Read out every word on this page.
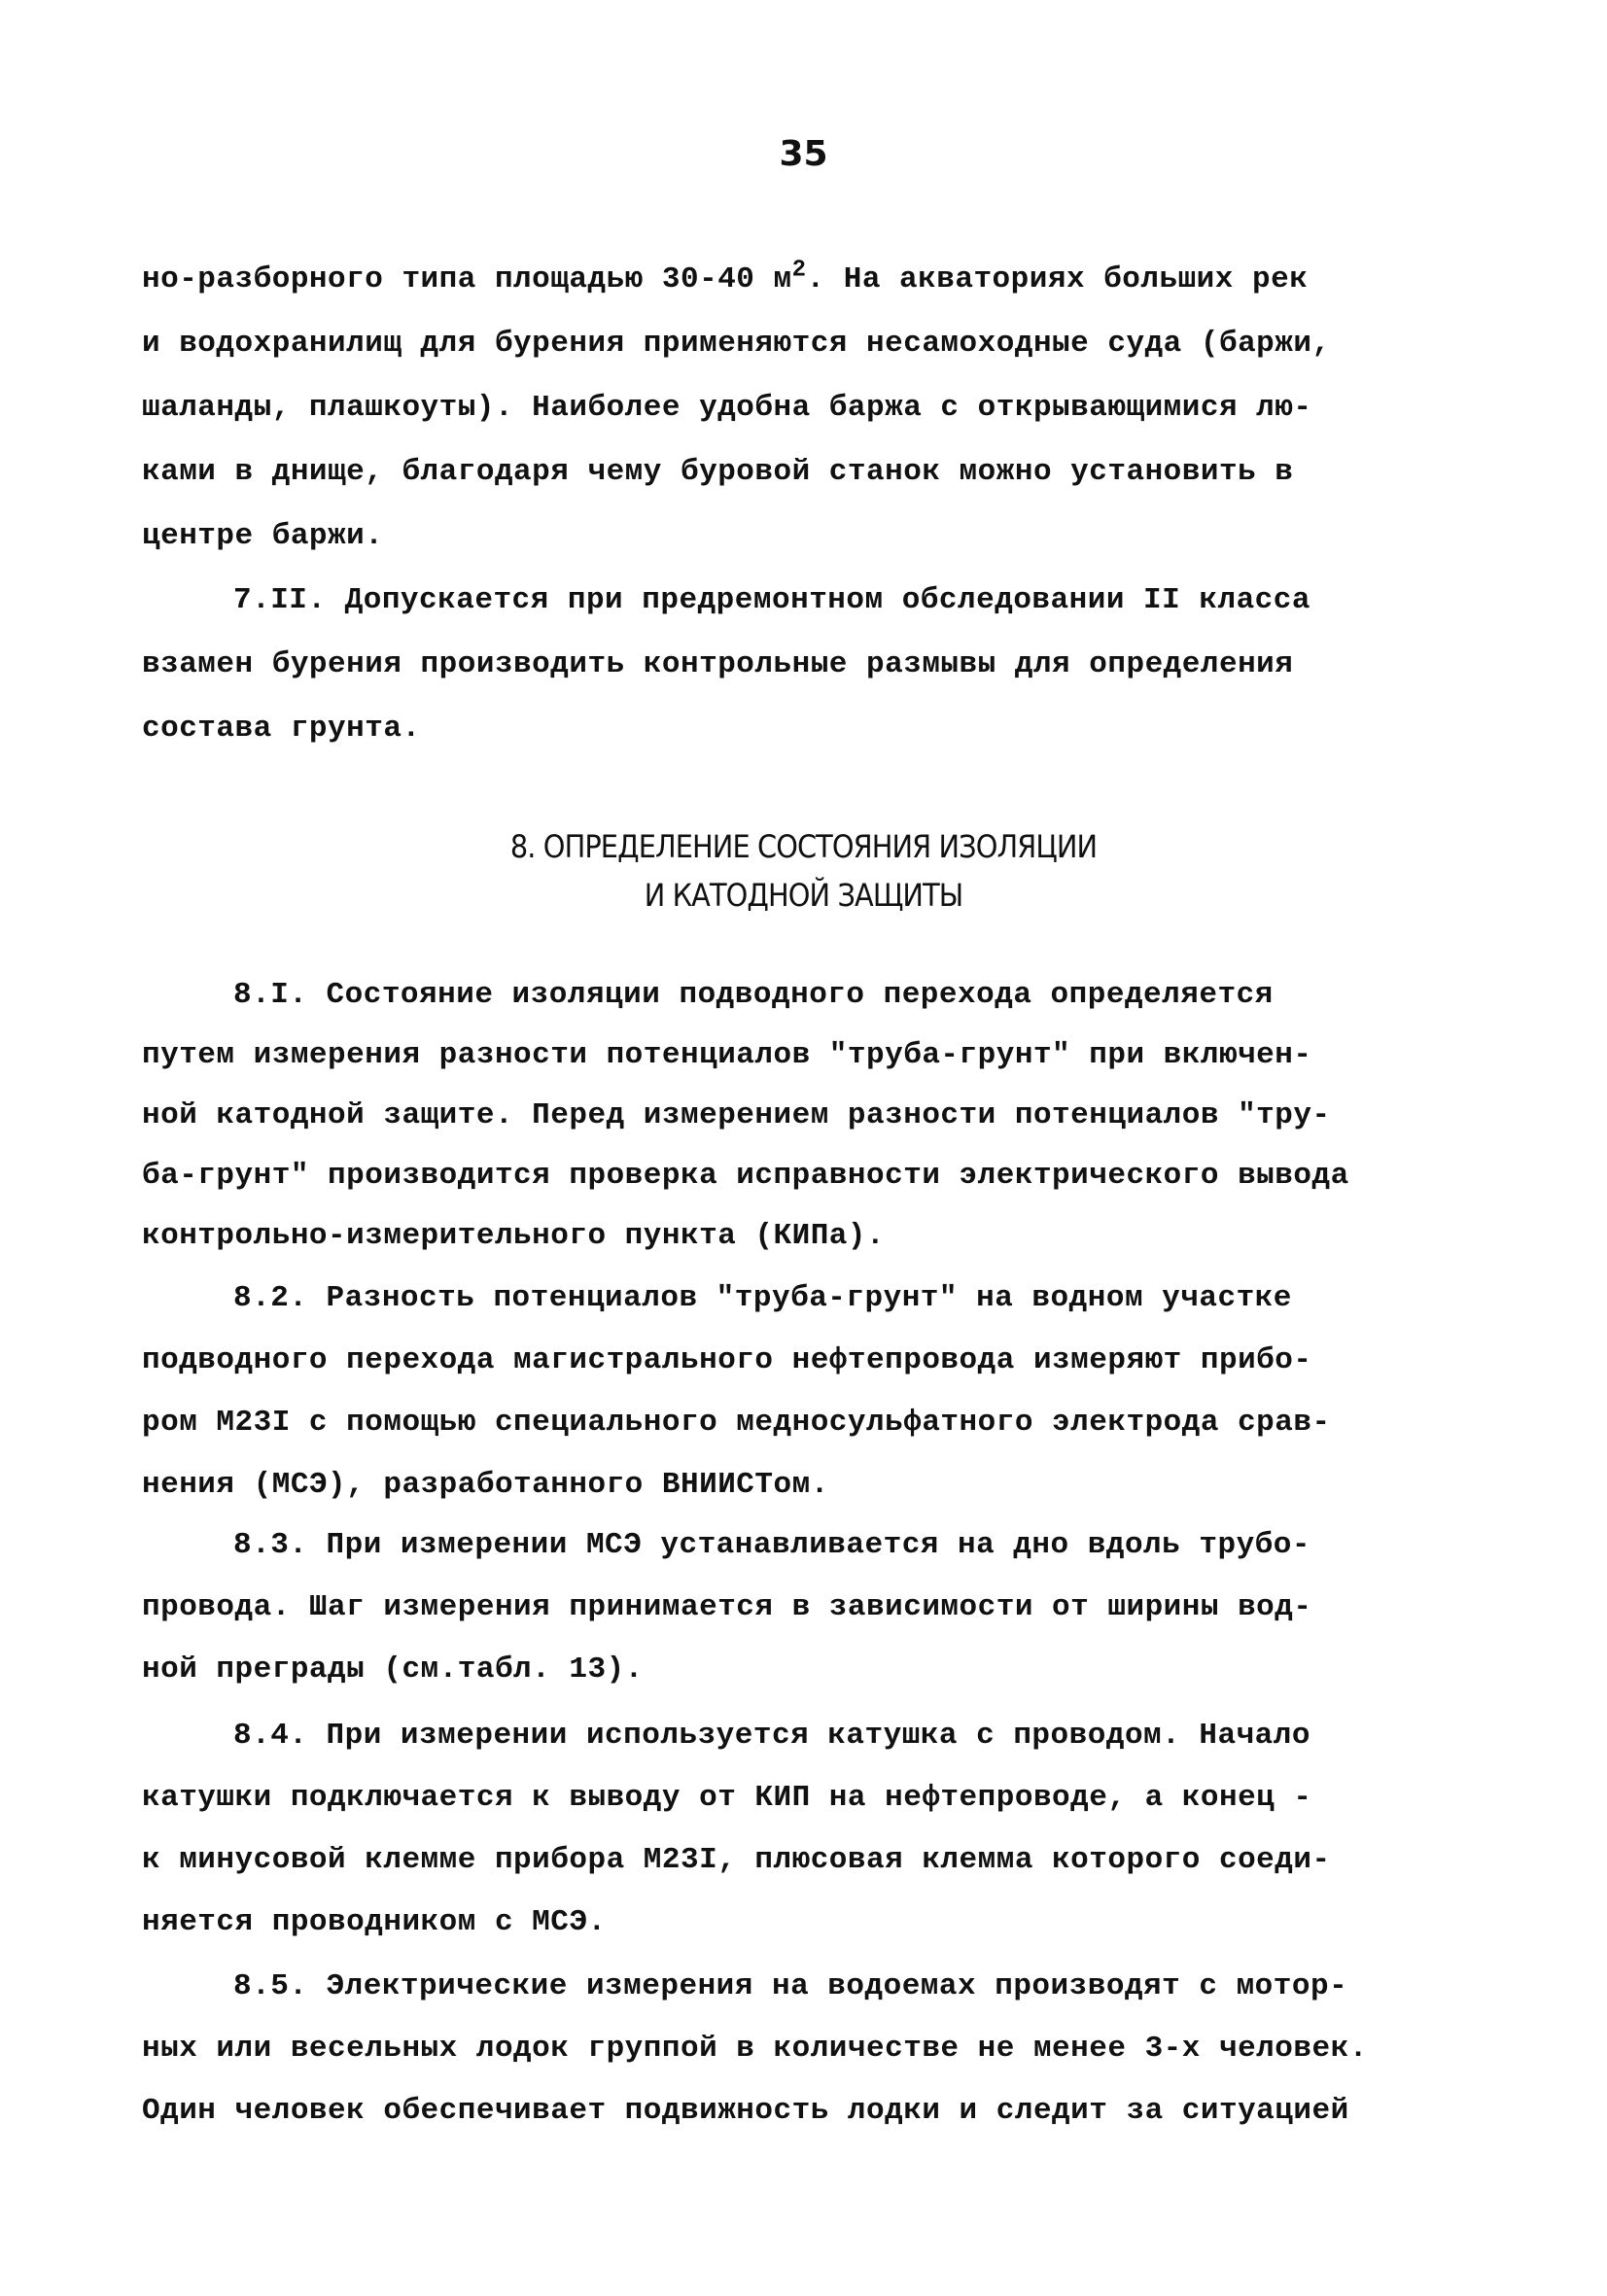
35
но-разборного типа площадью 30-40 $м^2$. На акваториях больших рек
и водохранилищ для бурения применяются несамоходные суда (баржи,
шаланды, плашкоуты). Наиболее удобна баржа с открывающимися лю-
ками в днище, благодаря чему буровой станок можно установить в
центре баржи.
7.II. Допускается при предремонтном обследовании II класса
взамен бурения производить контрольные размывы для определения
состава грунта.
8. ОПРЕДЕЛЕНИЕ СОСТОЯНИЯ ИЗОЛЯЦИИ
И КАТОДНОЙ ЗАЩИТЫ
8.I. Состояние изоляции подводного перехода определяется
путем измерения разности потенциалов "труба-грунт" при включен-
ной катодной защите. Перед измерением разности потенциалов "тру-
ба-грунт" производится проверка исправности электрического вывода
контрольно-измерительного пункта (КИПа).
8.2. Разность потенциалов "труба-грунт" на водном участке
подводного перехода магистрального нефтепровода измеряют прибо-
ром М23I с помощью специального медносульфатного электрода срав-
нения (МСЭ), разработанного ВНИИСТом.
8.3. При измерении МСЭ устанавливается на дно вдоль трубо-
провода. Шаг измерения принимается в зависимости от ширины вод-
ной преграды (см.табл. 13).
8.4. При измерении используется катушка с проводом. Начало
катушки подключается к выводу от КИП на нефтепроводе, а конец -
к минусовой клемме прибора М23I, плюсовая клемма которого соеди-
няется проводником с МСЭ.
8.5. Электрические измерения на водоемах производят с мотор-
ных или весельных лодок группой в количестве не менее 3-х человек.
Один человек обеспечивает подвижность лодки и следит за ситуацией
